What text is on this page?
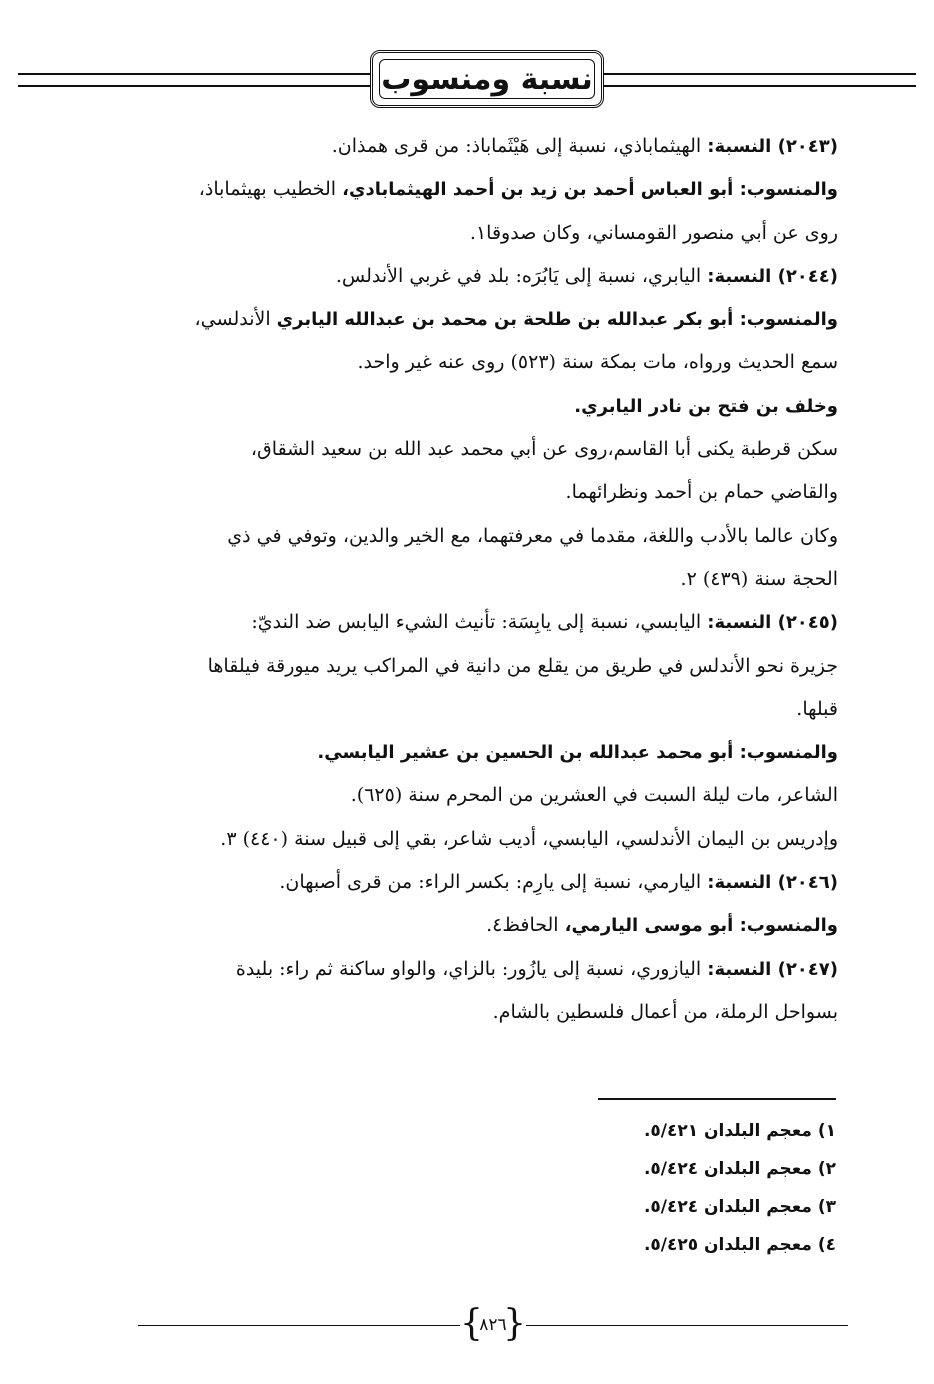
نسبة ومنسوب

(٢٠٤٣) النسبة: الهيثماباذي، نسبة إلى هَيْثَماباذ: من قرى همذان.

والمنسوب: أبو العباس أحمد بن زيد بن أحمد الهيثمابادي، الخطيب بهيثماباذ،

روى عن أبي منصور القومساني، وكان صدوقا١.

(٢٠٤٤) النسبة: اليابري، نسبة إلى يَابُرَه: بلد في غربي الأندلس.

والمنسوب: أبو بكر عبدالله بن طلحة بن محمد بن عبدالله اليابري الأندلسي،

سمع الحديث ورواه، مات بمكة سنة (٥٢٣) روى عنه غير واحد.

وخلف بن فتح بن نادر اليابري.

سكن قرطبة يكنى أبا القاسم،روى عن أبي محمد عبد الله بن سعيد الشقاق،

والقاضي حمام بن أحمد ونظرائهما.

وكان عالما بالأدب واللغة، مقدما في معرفتهما، مع الخير والدين، وتوفي في ذي

الحجة سنة (٤٣٩) ٢.

(٢٠٤٥) النسبة: اليابسي، نسبة إلى يابِسَة: تأنيث الشيء اليابس ضد النديّ:

جزيرة نحو الأندلس في طريق من يقلع من دانية في المراكب يريد ميورقة فيلقاها

قبلها.

والمنسوب: أبو محمد عبدالله بن الحسين بن عشير اليابسي.

الشاعر، مات ليلة السبت في العشرين من المحرم سنة (٦٢٥).

وإدريس بن اليمان الأندلسي، اليابسي، أديب شاعر، بقي إلى قبيل سنة (٤٤٠) ٣.

(٢٠٤٦) النسبة: اليارمي، نسبة إلى يارِم: بكسر الراء: من قرى أصبهان.

والمنسوب: أبو موسى اليارمي، الحافظ٤.

(٢٠٤٧) النسبة: اليازوري، نسبة إلى يازُور: بالزاي، والواو ساكنة ثم راء: بليدة

بسواحل الرملة، من أعمال فلسطين بالشام.

١) معجم البلدان ٥/٤٢١.

٢) معجم البلدان ٥/٤٢٤.

٣) معجم البلدان ٥/٤٢٤.

٤) معجم البلدان ٥/٤٢٥.

{ ٨٢٦
}
